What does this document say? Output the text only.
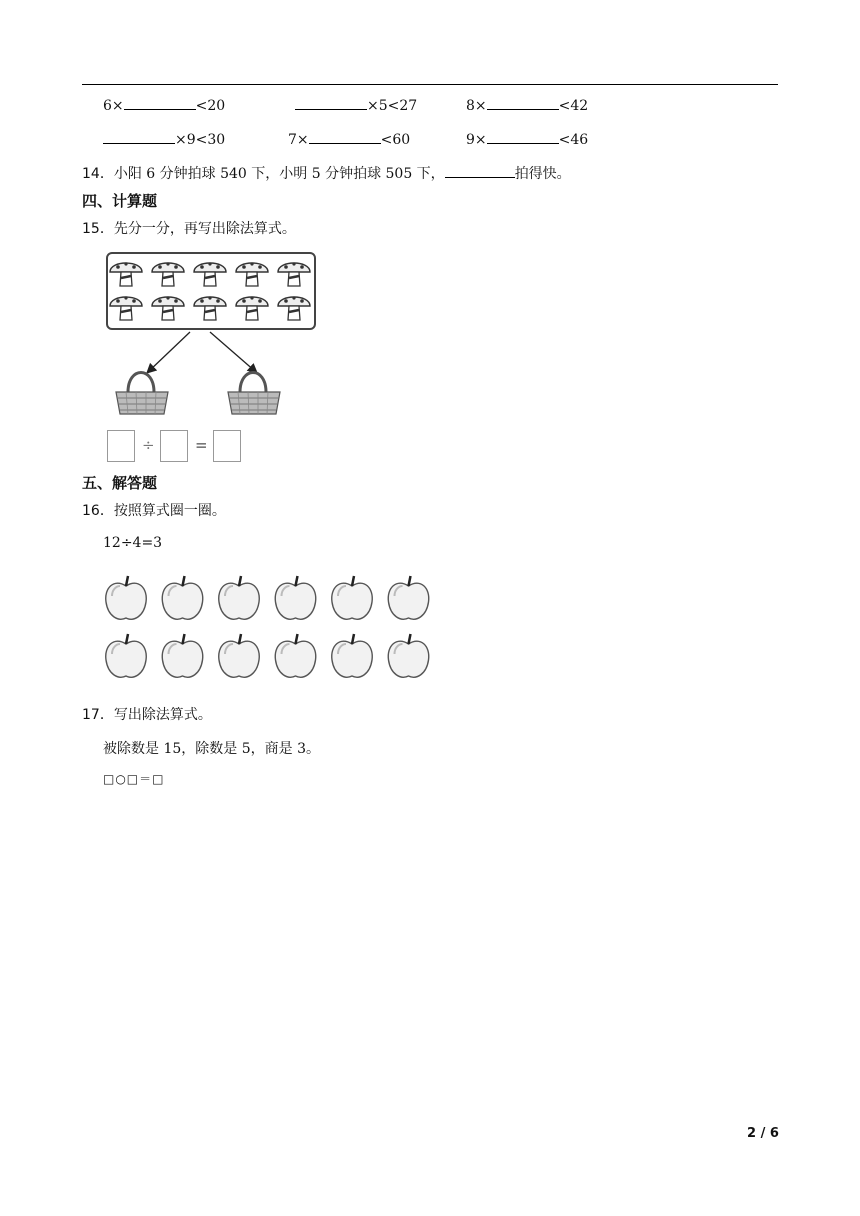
6×	<20	×5<27	8×	<42
×9<30	7×	<60	9×	<46
14．小阳 6 分钟拍球 540 下，小明 5 分钟拍球 505 下，	拍得快。
四、计算题
15．先分一分，再写出除法算式。
÷	=
五、解答题
16．按照算式圈一圈。
12÷4=3
17．写出除法算式。
被除数是 15，除数是 5，商是 3。
□○□＝□
2 / 6
